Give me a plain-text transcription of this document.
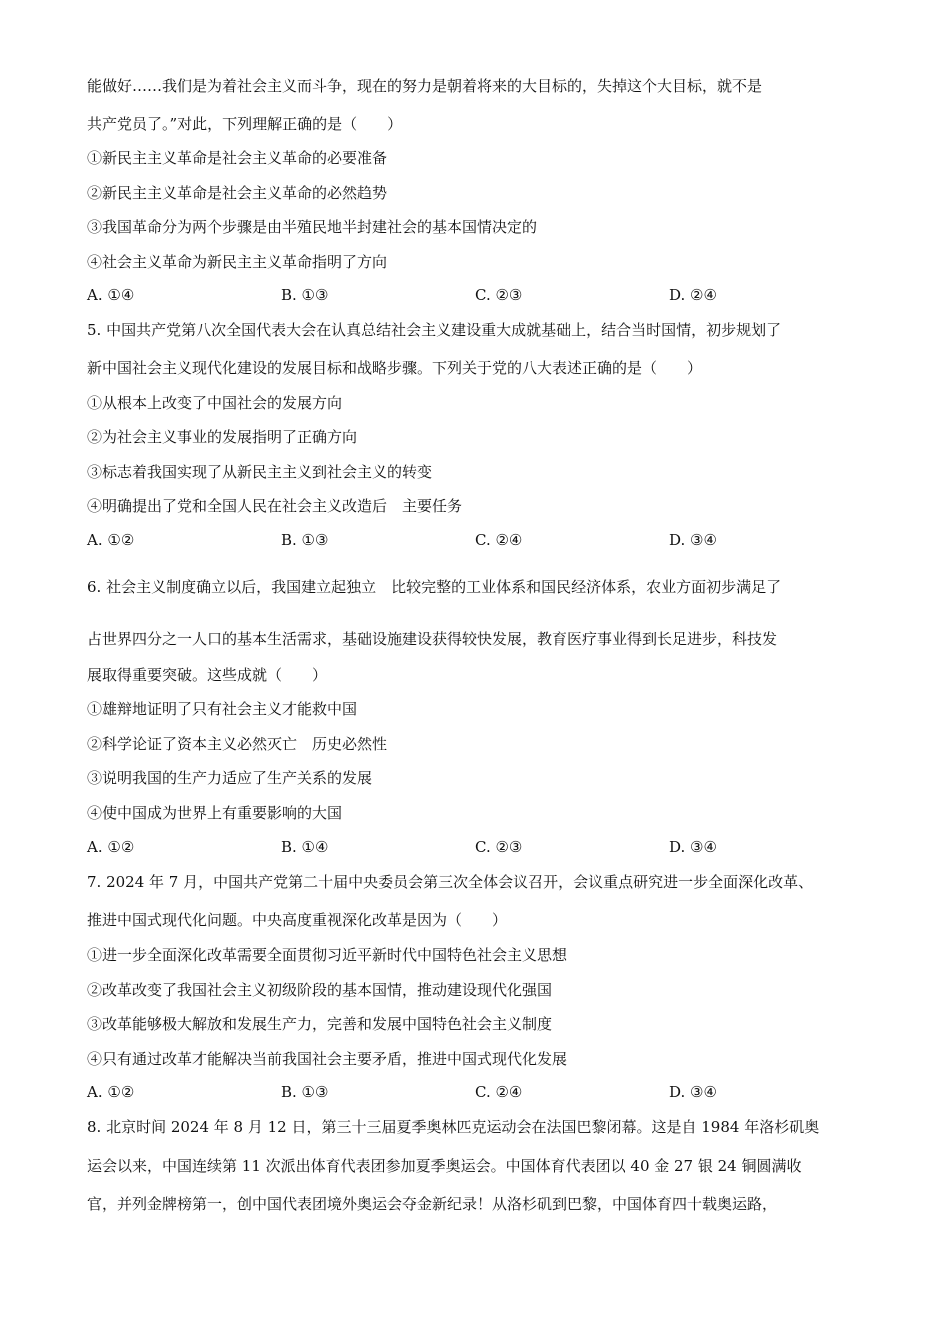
能做好……我们是为着社会主义而斗争，现在的努力是朝着将来的大目标的，失掉这个大目标，就不是
共产党员了。”对此，下列理解正确的是（　　）
①新民主主义革命是社会主义革命的必要准备
②新民主主义革命是社会主义革命的必然趋势
③我国革命分为两个步骤是由半殖民地半封建社会的基本国情决定的
④社会主义革命为新民主主义革命指明了方向
A. ①④	B. ①③	C. ②③	D. ②④
5. 中国共产党第八次全国代表大会在认真总结社会主义建设重大成就基础上，结合当时国情，初步规划了
新中国社会主义现代化建设的发展目标和战略步骤。下列关于党的八大表述正确的是（　　）
①从根本上改变了中国社会的发展方向
②为社会主义事业的发展指明了正确方向
③标志着我国实现了从新民主主义到社会主义的转变
④明确提出了党和全国人民在社会主义改造后　主要任务
A. ①②	B. ①③	C. ②④	D. ③④
6. 社会主义制度确立以后，我国建立起独立　比较完整的工业体系和国民经济体系，农业方面初步满足了
占世界四分之一人口的基本生活需求，基础设施建设获得较快发展，教育医疗事业得到长足进步，科技发
展取得重要突破。这些成就（　　）
①雄辩地证明了只有社会主义才能救中国
②科学论证了资本主义必然灭亡　历史必然性
③说明我国的生产力适应了生产关系的发展
④使中国成为世界上有重要影响的大国
A. ①②	B. ①④	C. ②③	D. ③④
7. 2024 年 7 月，中国共产党第二十届中央委员会第三次全体会议召开，会议重点研究进一步全面深化改革、
推进中国式现代化问题。中央高度重视深化改革是因为（　　）
①进一步全面深化改革需要全面贯彻习近平新时代中国特色社会主义思想
②改革改变了我国社会主义初级阶段的基本国情，推动建设现代化强国
③改革能够极大解放和发展生产力，完善和发展中国特色社会主义制度
④只有通过改革才能解决当前我国社会主要矛盾，推进中国式现代化发展
A. ①②	B. ①③	C. ②④	D. ③④
8. 北京时间 2024 年 8 月 12 日，第三十三届夏季奥林匹克运动会在法国巴黎闭幕。这是自 1984 年洛杉矶奥
运会以来，中国连续第 11 次派出体育代表团参加夏季奥运会。中国体育代表团以 40 金 27 银 24 铜圆满收
官，并列金牌榜第一，创中国代表团境外奥运会夺金新纪录！从洛杉矶到巴黎，中国体育四十载奥运路，
